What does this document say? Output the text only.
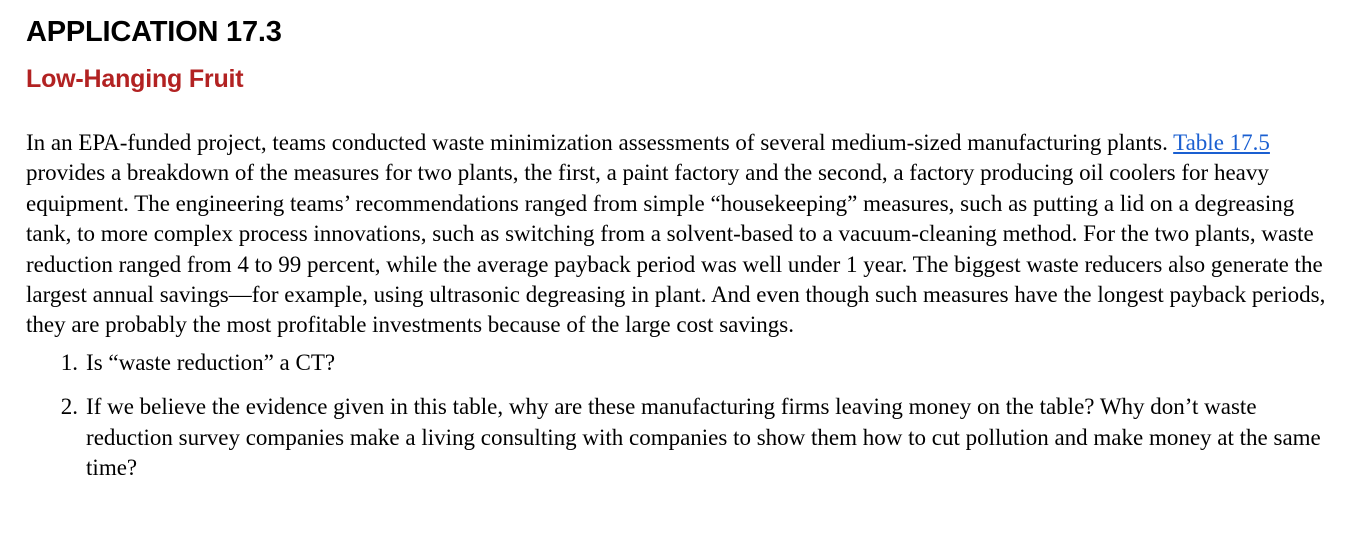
APPLICATION 17.3
Low-Hanging Fruit

In an EPA-funded project, teams conducted waste minimization assessments of several medium-sized manufacturing plants. Table 17.5 provides a breakdown of the measures for two plants, the first, a paint factory and the second, a factory producing oil coolers for heavy equipment. The engineering teams’ recommendations ranged from simple “housekeeping” measures, such as putting a lid on a degreasing tank, to more complex process innovations, such as switching from a solvent-based to a vacuum-cleaning method. For the two plants, waste reduction ranged from 4 to 99 percent, while the average payback period was well under 1 year. The biggest waste reducers also generate the largest annual savings—for example, using ultrasonic degreasing in plant. And even though such measures have the longest payback periods, they are probably the most profitable investments because of the large cost savings.

1. Is “waste reduction” a CT?
2. If we believe the evidence given in this table, why are these manufacturing firms leaving money on the table? Why don’t waste reduction survey companies make a living consulting with companies to show them how to cut pollution and make money at the same time?
